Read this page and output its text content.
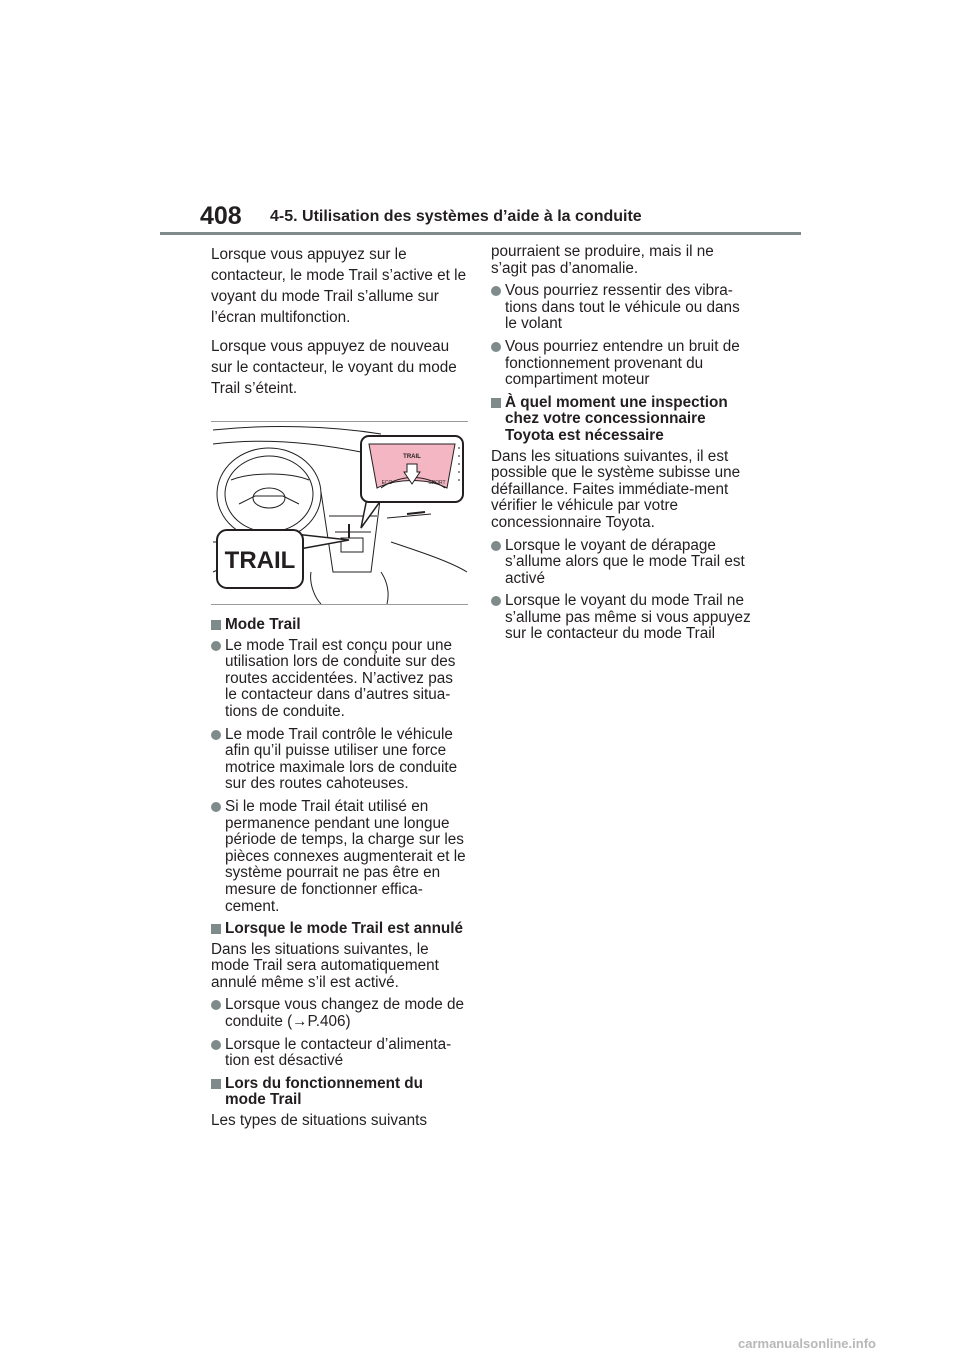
408 4-5. Utilisation des systèmes d’aide à la conduite

Lorsque vous appuyez sur le contacteur, le mode Trail s’active et le voyant du mode Trail s’allume sur l’écran multifonction.

Lorsque vous appuyez de nouveau sur le contacteur, le voyant du mode Trail s’éteint.

TRAIL
TRAIL
ECO	SPORT
Mode Trail
Le mode Trail est conçu pour une utilisation lors de conduite sur des routes accidentées. N’activez pas le contacteur dans d’autres situa-tions de conduite.
Le mode Trail contrôle le véhicule afin qu’il puisse utiliser une force motrice maximale lors de conduite sur des routes cahoteuses.
Si le mode Trail était utilisé en permanence pendant une longue période de temps, la charge sur les pièces connexes augmenterait et le système pourrait ne pas être en mesure de fonctionner effica-cement.
Lorsque le mode Trail est annulé

Dans les situations suivantes, le mode Trail sera automatiquement annulé même s’il est activé.

Lorsque vous changez de mode de conduite (→P.406)
Lorsque le contacteur d’alimenta-tion est désactivé
Lors du fonctionnement du mode Trail

Les types de situations suivants

pourraient se produire, mais il ne s’agit pas d’anomalie.

Vous pourriez ressentir des vibra-tions dans tout le véhicule ou dans le volant
Vous pourriez entendre un bruit de fonctionnement provenant du compartiment moteur
À quel moment une inspection chez votre concessionnaire Toyota est nécessaire

Dans les situations suivantes, il est possible que le système subisse une défaillance. Faites immédiate-ment vérifier le véhicule par votre concessionnaire Toyota.

Lorsque le voyant de dérapage s’allume alors que le mode Trail est activé
Lorsque le voyant du mode Trail ne s’allume pas même si vous appuyez sur le contacteur du mode Trail
carmanualsonline.info
